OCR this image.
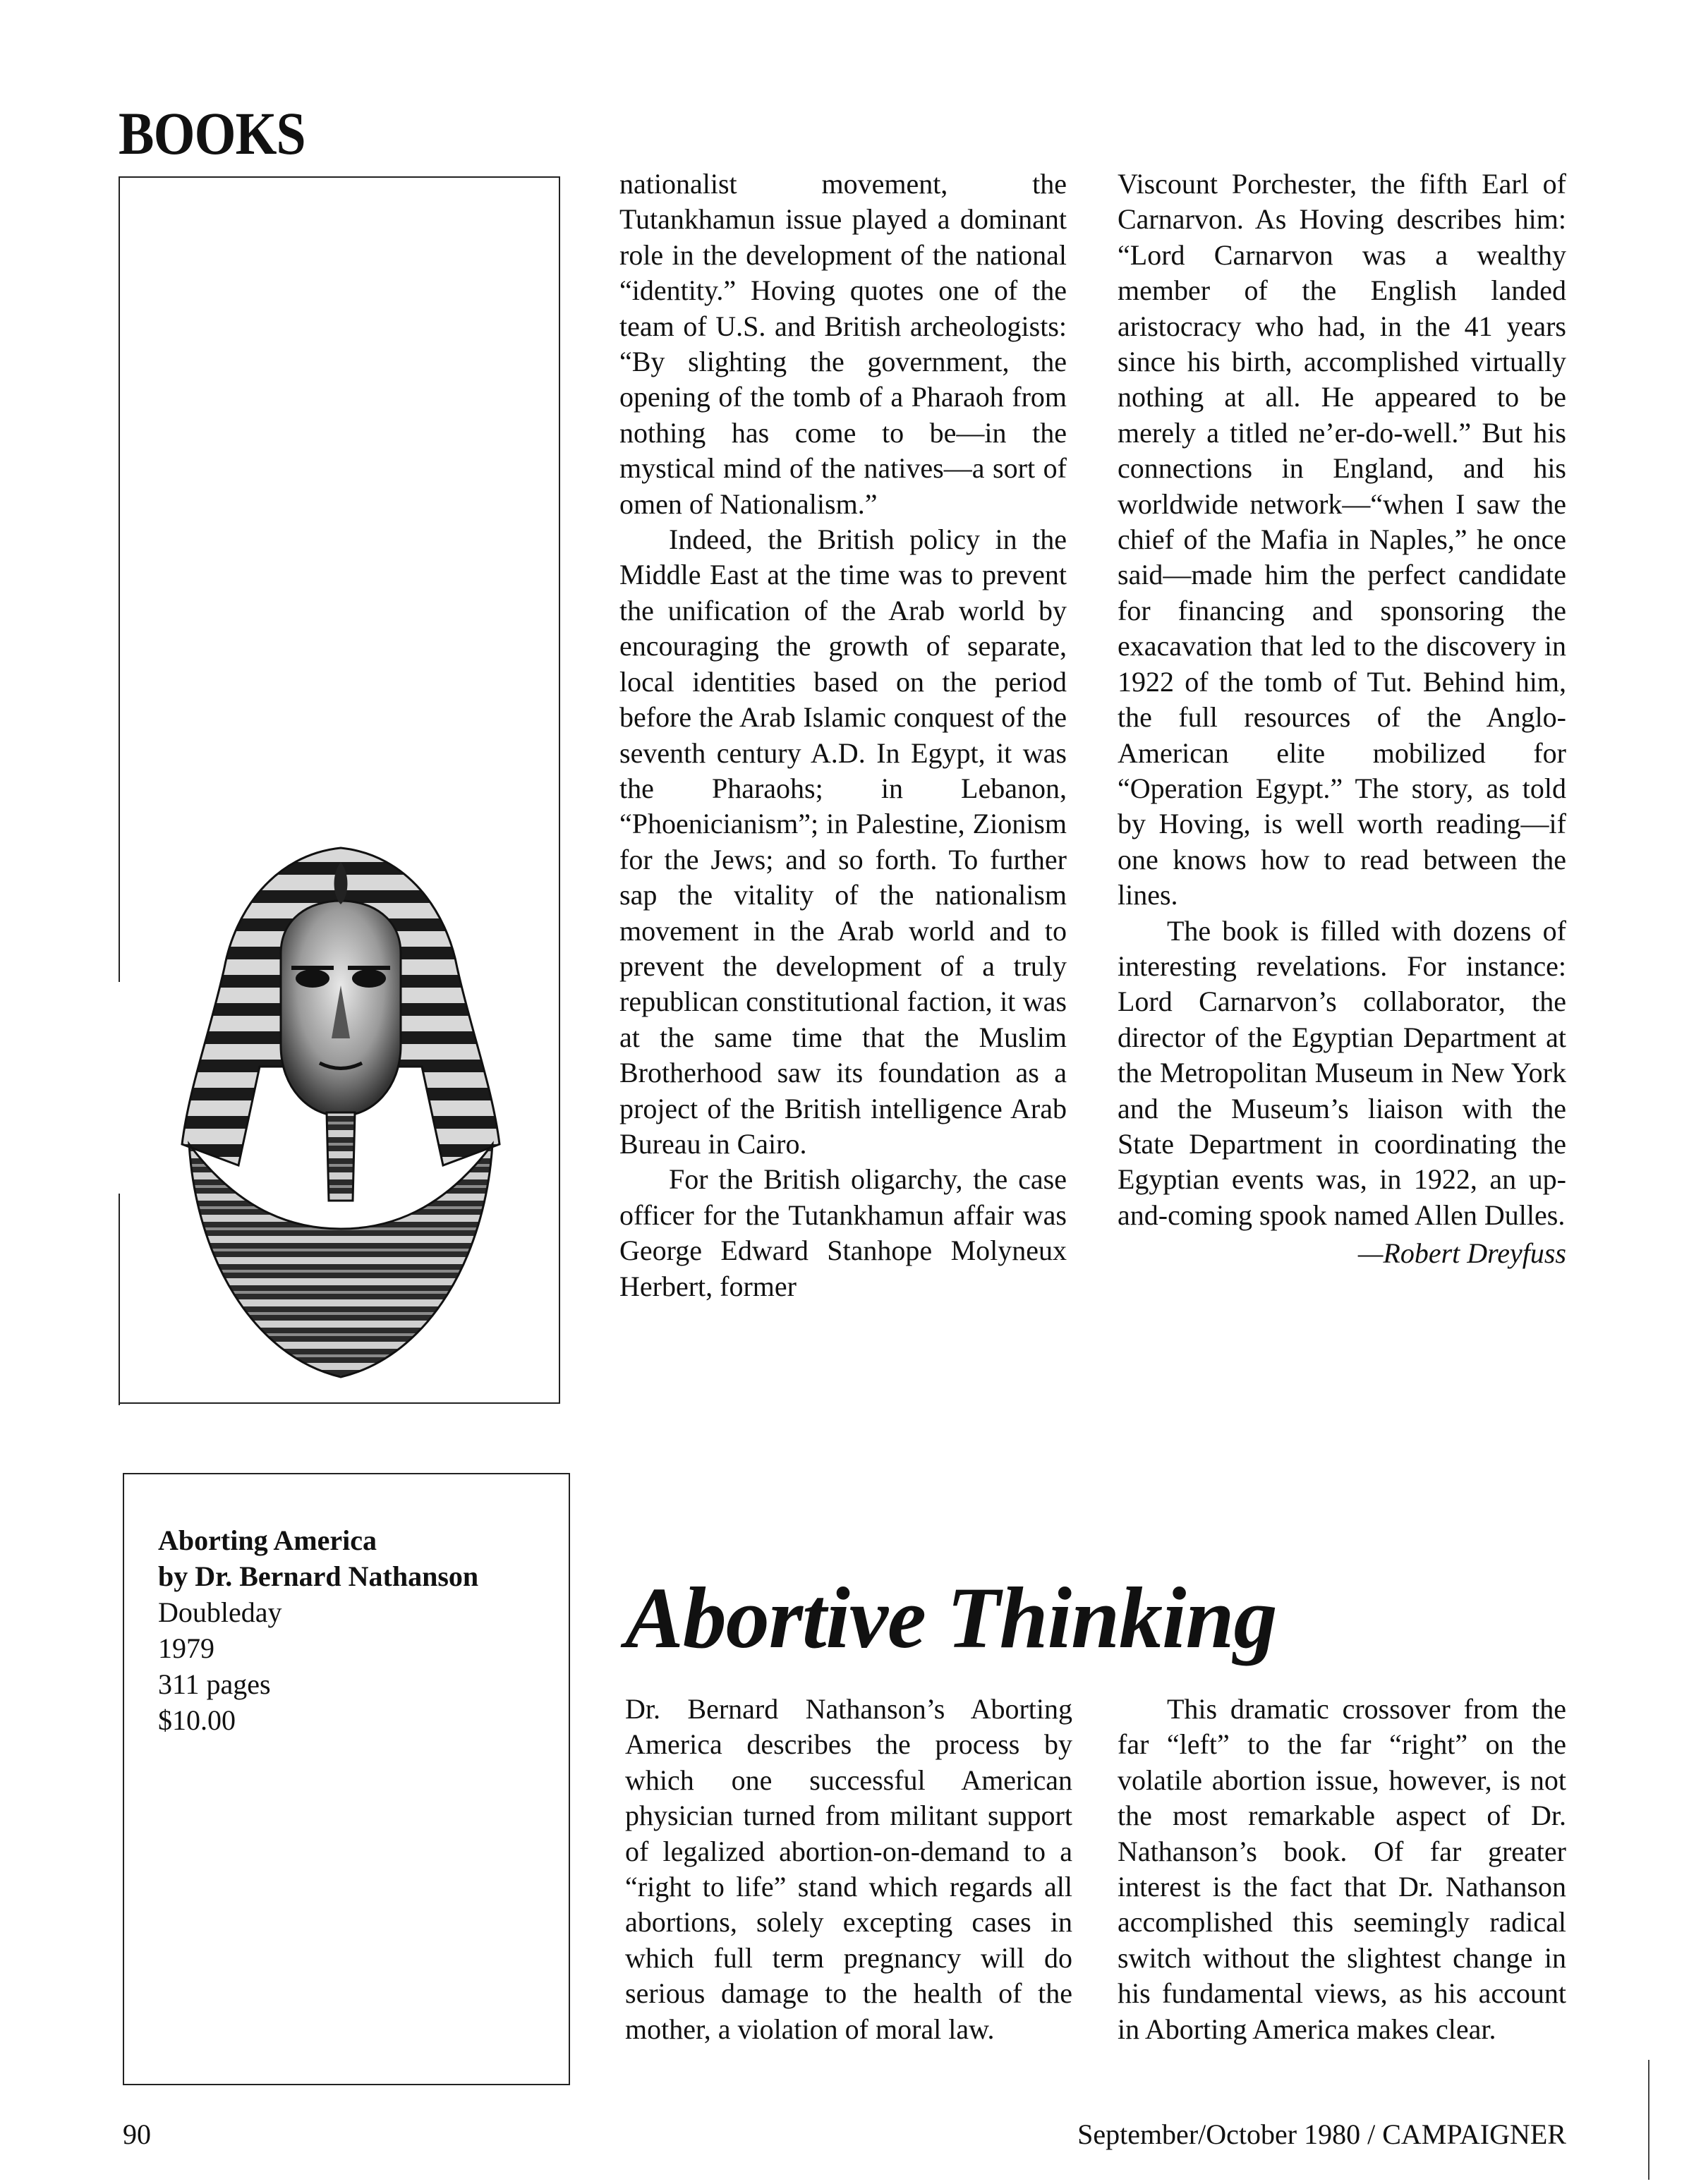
BOOKS

nationalist movement, the Tutankhamun issue played a dominant role in the development of the national “identity.” Hoving quotes one of the team of U.S. and British archeologists: “By slighting the government, the opening of the tomb of a Pharaoh from nothing has come to be—in the mystical mind of the natives—a sort of omen of Nationalism.”

Indeed, the British policy in the Middle East at the time was to prevent the unification of the Arab world by encouraging the growth of separate, local identities based on the period before the Arab Islamic conquest of the seventh century A.D. In Egypt, it was the Pharaohs; in Lebanon, “Phoenicianism”; in Palestine, Zionism for the Jews; and so forth. To further sap the vitality of the nationalism movement in the Arab world and to prevent the development of a truly republican constitutional faction, it was at the same time that the Muslim Brotherhood saw its foundation as a project of the British intelligence Arab Bureau in Cairo.

For the British oligarchy, the case officer for the Tutankhamun affair was George Edward Stanhope Molyneux Herbert, former

Viscount Porchester, the fifth Earl of Carnarvon. As Hoving describes him: “Lord Carnarvon was a wealthy member of the English landed aristocracy who had, in the 41 years since his birth, accomplished virtually nothing at all. He appeared to be merely a titled ne’er-do-well.” But his connections in England, and his worldwide network—“when I saw the chief of the Mafia in Naples,” he once said—made him the perfect candidate for financing and sponsoring the exacavation that led to the discovery in 1922 of the tomb of Tut. Behind him, the full resources of the Anglo-American elite mobilized for “Operation Egypt.” The story, as told by Hoving, is well worth reading—if one knows how to read between the lines.

The book is filled with dozens of interesting revelations. For instance: Lord Carnarvon’s collaborator, the director of the Egyptian Department at the Metropolitan Museum in New York and the Museum’s liaison with the State Department in coordinating the Egyptian events was, in 1922, an up-and-coming spook named Allen Dulles.

—Robert Dreyfuss

Aborting America
by Dr. Bernard Nathanson
Doubleday
1979
311 pages
$10.00
Abortive Thinking

Dr. Bernard Nathanson’s Aborting America describes the process by which one successful American physician turned from militant support of legalized abortion-on-demand to a “right to life” stand which regards all abortions, solely excepting cases in which full term pregnancy will do serious damage to the health of the mother, a violation of moral law.

This dramatic crossover from the far “left” to the far “right” on the volatile abortion issue, however, is not the most remarkable aspect of Dr. Nathanson’s book. Of far greater interest is the fact that Dr. Nathanson accomplished this seemingly radical switch without the slightest change in his fundamental views, as his account in Aborting America makes clear.

90	September/October 1980 / CAMPAIGNER
